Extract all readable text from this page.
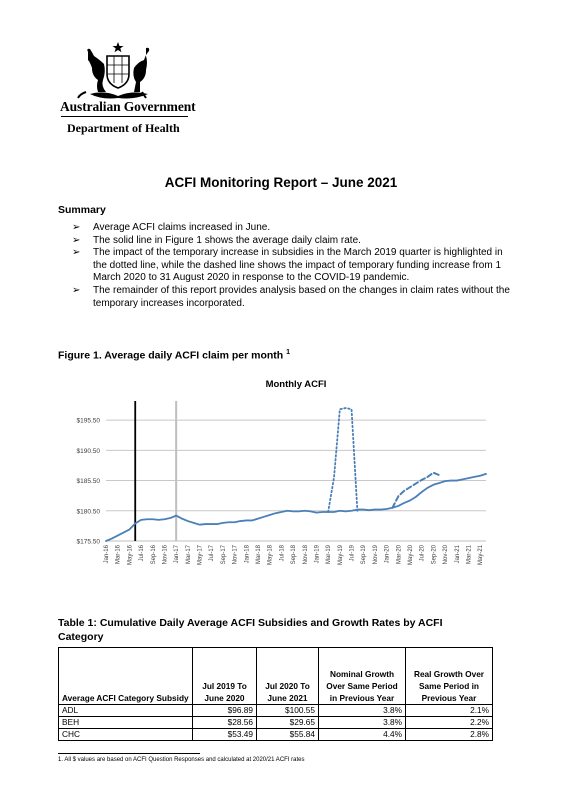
Australian Government
Department of Health
ACFI Monitoring Report – June 2021
Summary
➢ Average ACFI claims increased in June.
➢ The solid line in Figure 1 shows the average daily claim rate.
➢ The impact of the temporary increase in subsidies in the March 2019 quarter is highlighted in the dotted line, while the dashed line shows the impact of temporary funding increase from 1 March 2020 to 31 August 2020 in response to the COVID-19 pandemic.
➢ The remainder of this report provides analysis based on the changes in claim rates without the temporary increases incorporated.
Figure 1. Average daily ACFI claim per month $^1$
Monthly ACFI
$175.50
$180.50
$185.50
$190.50
$195.50
Jan-16 Mar-16 May-16 Jul-16 Sep-16 Nov-16 Jan-17 Mar-17 May-17 Jul-17 Sep-17 Nov-17 Jan-18 Mar-18 May-18 Jul-18 Sep-18 Nov-18 Jan-19 Mar-19 May-19 Jul-19 Sep-19 Nov-19 Jan-20 Mar-20 May-20 Jul-20 Sep-20 Nov-20 Jan-21 Mar-21 May-21
Table 1: Cumulative Daily Average ACFI Subsidies and Growth Rates by ACFI Category
Average ACFI Category Subsidy	Jul 2019 To June 2020	Jul 2020 To June 2021	Nominal Growth Over Same Period in Previous Year	Real Growth Over Same Period in Previous Year
ADL	$96.89	$100.55	3.8%	2.1%
BEH	$28.56	$29.65	3.8%	2.2%
CHC	$53.49	$55.84	4.4%	2.8%
1. All $ values are based on ACFI Question Responses and calculated at 2020/21 ACFI rates
